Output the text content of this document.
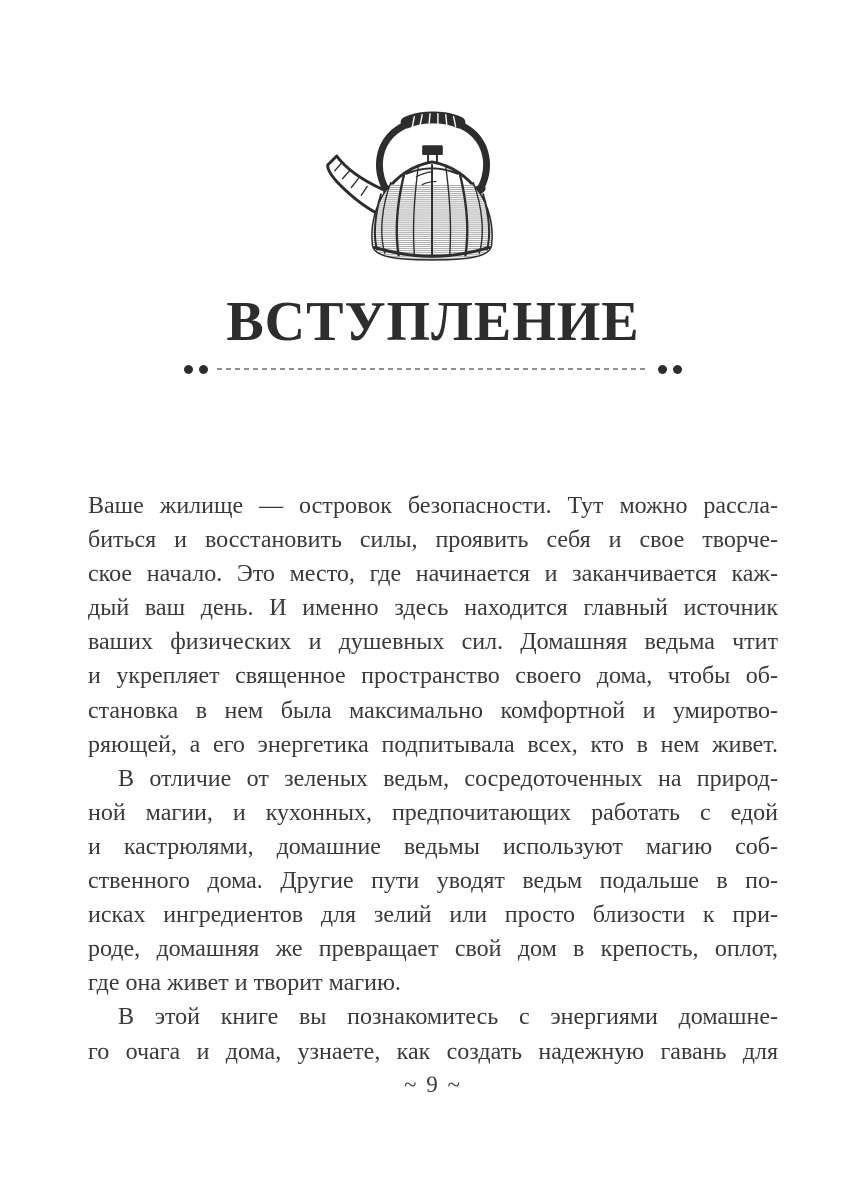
ВСТУПЛЕНИЕ

Ваше жилище — островок безопасности. Тут можно рассла-
биться и восстановить силы, проявить себя и свое творче-
ское начало. Это место, где начинается и заканчивается каж-
дый ваш день. И именно здесь находится главный источник
ваших физических и душевных сил. Домашняя ведьма чтит
и укрепляет священное пространство своего дома, чтобы об-
становка в нем была максимально комфортной и умиротво-
ряющей, а его энергетика подпитывала всех, кто в нем живет.

В отличие от зеленых ведьм, сосредоточенных на природ-
ной магии, и кухонных, предпочитающих работать с едой
и кастрюлями, домашние ведьмы используют магию соб-
ственного дома. Другие пути уводят ведьм подальше в по-
исках ингредиентов для зелий или просто близости к при-
роде, домашняя же превращает свой дом в крепость, оплот,
где она живет и творит магию.

В этой книге вы познакомитесь с энергиями домашне-
го очага и дома, узнаете, как создать надежную гавань для

~ 9 ~
